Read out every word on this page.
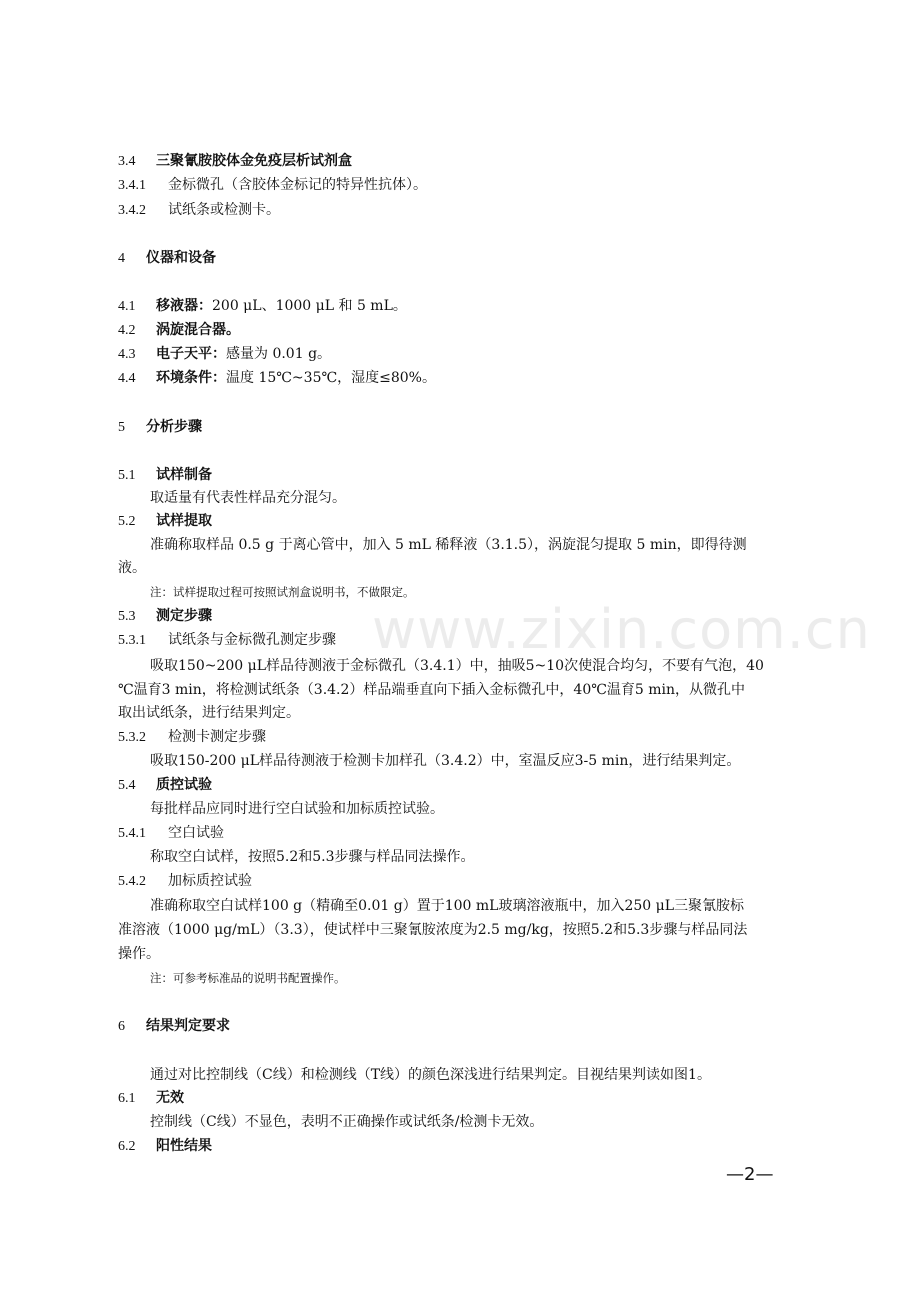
3.4 三聚氰胺胶体金免疫层析试剂盒
3.4.1 金标微孔（含胶体金标记的特异性抗体）。
3.4.2 试纸条或检测卡。
4 仪器和设备
4.1 移液器：200 μL、1000 μL 和 5 mL。
4.2 涡旋混合器。
4.3 电子天平：感量为 0.01 g。
4.4 环境条件：温度 15℃~35℃，湿度≤80%。
5 分析步骤
5.1 试样制备
取适量有代表性样品充分混匀。
5.2 试样提取
准确称取样品 0.5 g 于离心管中，加入 5 mL 稀释液（3.1.5），涡旋混匀提取 5 min，即得待测
液。
注：试样提取过程可按照试剂盒说明书，不做限定。
5.3 测定步骤
5.3.1 试纸条与金标微孔测定步骤
吸取150~200 μL样品待测液于金标微孔（3.4.1）中，抽吸5~10次使混合均匀，不要有气泡，40
℃温育3 min，将检测试纸条（3.4.2）样品端垂直向下插入金标微孔中，40℃温育5 min，从微孔中
取出试纸条，进行结果判定。
5.3.2 检测卡测定步骤
吸取150-200 μL样品待测液于检测卡加样孔（3.4.2）中，室温反应3-5 min，进行结果判定。
5.4 质控试验
每批样品应同时进行空白试验和加标质控试验。
5.4.1 空白试验
称取空白试样，按照5.2和5.3步骤与样品同法操作。
5.4.2 加标质控试验
准确称取空白试样100 g（精确至0.01 g）置于100 mL玻璃溶液瓶中，加入250 μL三聚氰胺标
准溶液（1000 μg/mL）（3.3），使试样中三聚氰胺浓度为2.5 mg/kg，按照5.2和5.3步骤与样品同法
操作。
注：可参考标准品的说明书配置操作。
6 结果判定要求
通过对比控制线（C线）和检测线（T线）的颜色深浅进行结果判定。目视结果判读如图1。
6.1 无效
控制线（C线）不显色，表明不正确操作或试纸条/检测卡无效。
6.2 阳性结果
www.zixin.com.cn
—2—
